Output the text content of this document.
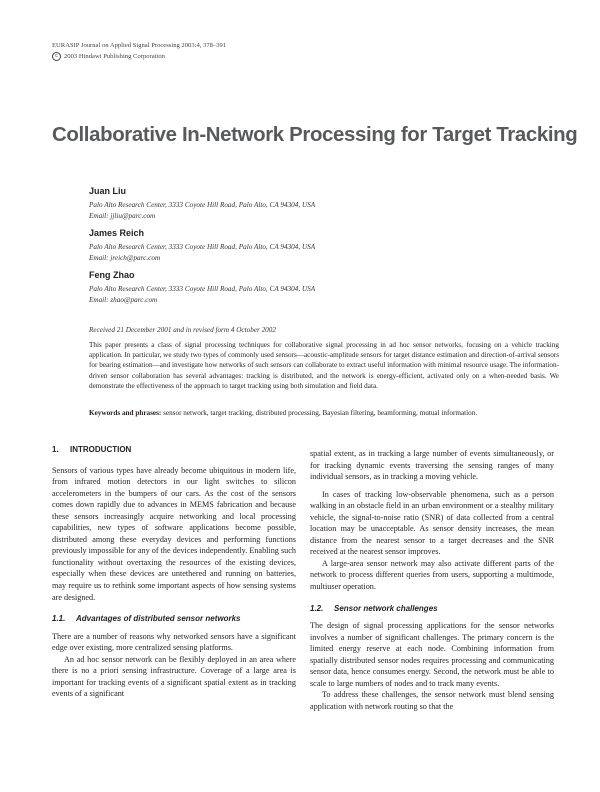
EURASIP Journal on Applied Signal Processing 2003:4, 378–391
c 2003 Hindawi Publishing Corporation
Collaborative In-Network Processing for Target Tracking
Juan Liu
Palo Alto Research Center, 3333 Coyote Hill Road, Palo Alto, CA 94304, USA
Email: jjliu@parc.com
James Reich
Palo Alto Research Center, 3333 Coyote Hill Road, Palo Alto, CA 94304, USA
Email: jreich@parc.com
Feng Zhao
Palo Alto Research Center, 3333 Coyote Hill Road, Palo Alto, CA 94304, USA
Email: zhao@parc.com
Received 21 December 2001 and in revised form 4 October 2002
This paper presents a class of signal processing techniques for collaborative signal processing in ad hoc sensor networks, focusing on a vehicle tracking application. In particular, we study two types of commonly used sensors—acoustic-amplitude sensors for target distance estimation and direction-of-arrival sensors for bearing estimation—and investigate how networks of such sensors can collaborate to extract useful information with minimal resource usage. The information-driven sensor collaboration has several advantages: tracking is distributed, and the network is energy-efficient, activated only on a when-needed basis. We demonstrate the effectiveness of the approach to target tracking using both simulation and field data.
Keywords and phrases: sensor network, target tracking, distributed processing, Bayesian filtering, beamforming, mutual information.
1. INTRODUCTION

Sensors of various types have already become ubiquitous in modern life, from infrared motion detectors in our light switches to silicon accelerometers in the bumpers of our cars. As the cost of the sensors comes down rapidly due to advances in MEMS fabrication and because these sensors increasingly acquire networking and local processing capabilities, new types of software applications become possible, distributed among these everyday devices and performing functions previously impossible for any of the devices independently. Enabling such functionality without overtaxing the resources of the existing devices, especially when these devices are untethered and running on batteries, may require us to rethink some important aspects of how sensing systems are designed.

1.1. Advantages of distributed sensor networks

There are a number of reasons why networked sensors have a significant edge over existing, more centralized sensing platforms.

An ad hoc sensor network can be flexibly deployed in an area where there is no a priori sensing infrastructure. Coverage of a large area is important for tracking events of a significant spatial extent as in tracking events of a significant

spatial extent, as in tracking a large number of events simultaneously, or for tracking dynamic events traversing the sensing ranges of many individual sensors, as in tracking a moving vehicle.

In cases of tracking low-observable phenomena, such as a person walking in an obstacle field in an urban environment or a stealthy military vehicle, the signal-to-noise ratio (SNR) of data collected from a central location may be unacceptable. As sensor density increases, the mean distance from the nearest sensor to a target decreases and the SNR received at the nearest sensor improves.

A large-area sensor network may also activate different parts of the network to process different queries from users, supporting a multimode, multiuser operation.

1.2. Sensor network challenges

The design of signal processing applications for the sensor networks involves a number of significant challenges. The primary concern is the limited energy reserve at each node. Combining information from spatially distributed sensor nodes requires processing and communicating sensor data, hence consumes energy. Second, the network must be able to scale to large numbers of nodes and to track many events.

To address these challenges, the sensor network must blend sensing application with network routing so that the
